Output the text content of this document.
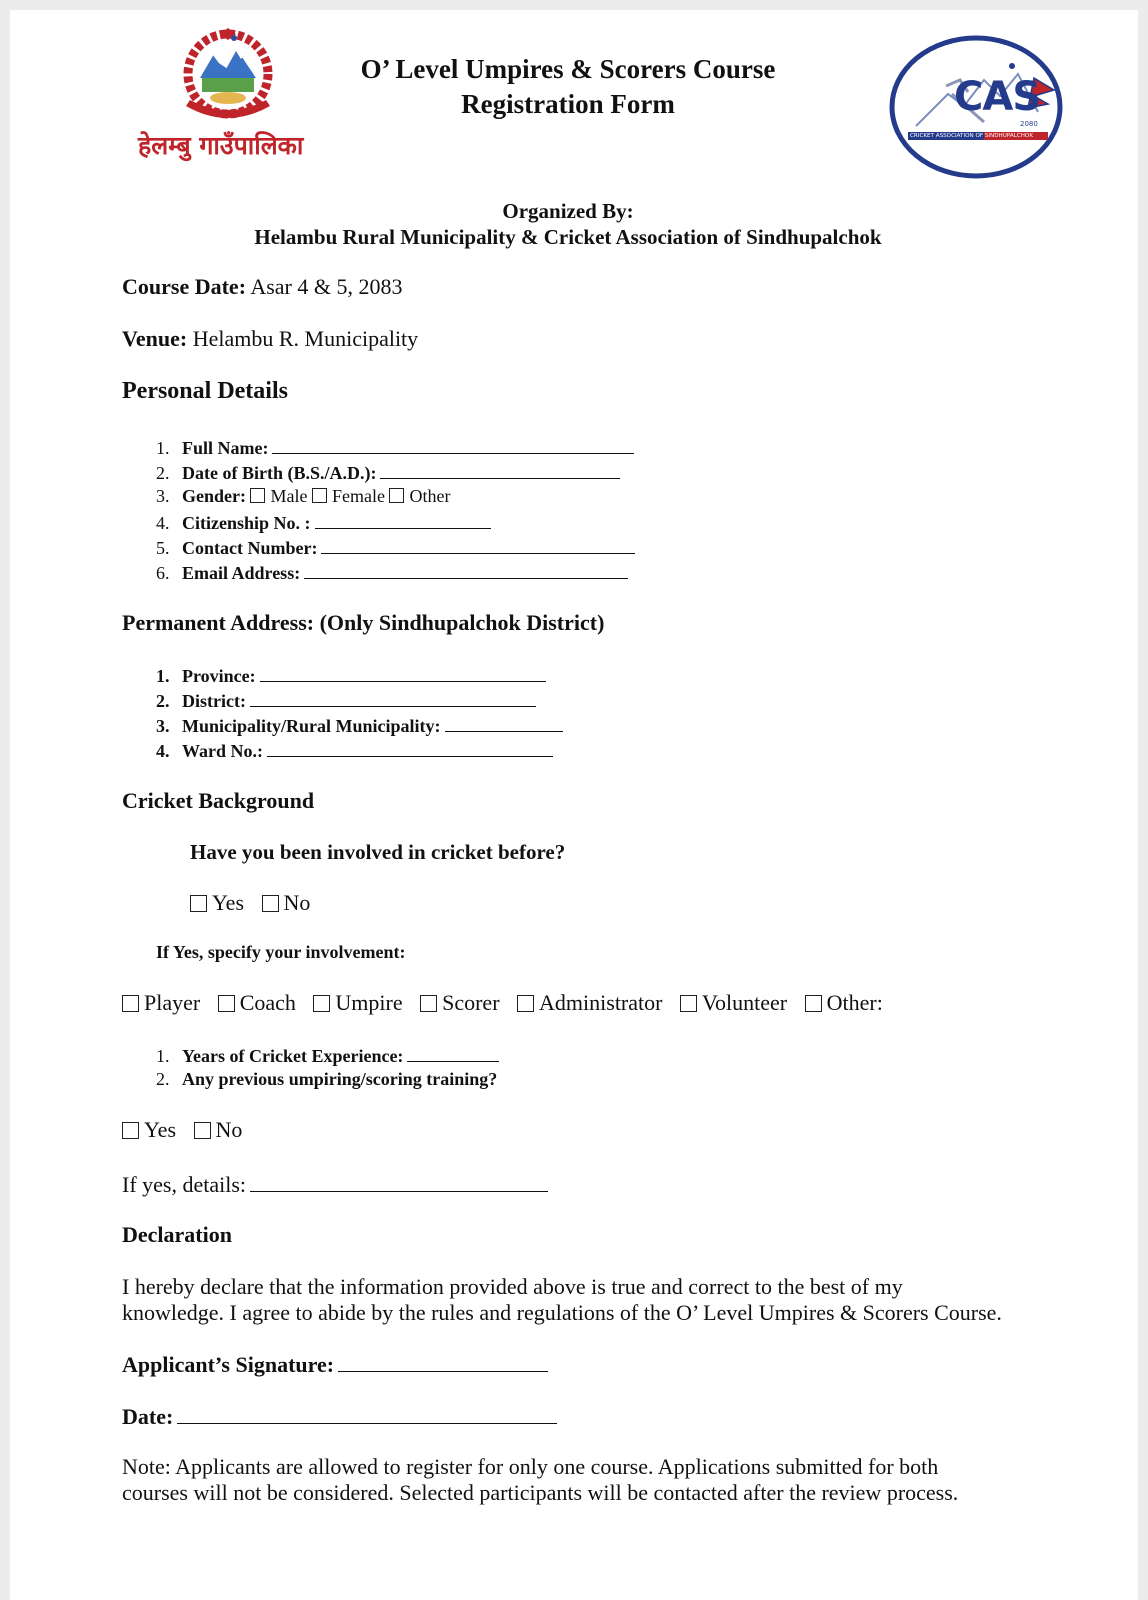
हेलम्बु गाउँपालिका
O’ Level Umpires & Scorers Course
Registration Form	CAS
2080
CRICKET ASSOCIATION OF SINDHUPALCHOK
Organized By:
Helambu Rural Municipality & Cricket Association of Sindhupalchok
Course Date: Asar 4 & 5, 2083
Venue: Helambu R. Municipality
Personal Details
1. Full Name:
2. Date of Birth (B.S./A.D.):
3. Gender: Male Female Other
4. Citizenship No. :
5. Contact Number:
6. Email Address:
Permanent Address: (Only Sindhupalchok District)
1. Province:
2. District:
3. Municipality/Rural Municipality:
4. Ward No.:
Cricket Background
Have you been involved in cricket before?
Yes No
If Yes, specify your involvement:
Player Coach Umpire Scorer Administrator Volunteer Other:
1. Years of Cricket Experience:
2. Any previous umpiring/scoring training?
Yes No
If yes, details:
Declaration
I hereby declare that the information provided above is true and correct to the best of my
knowledge. I agree to abide by the rules and regulations of the O’ Level Umpires & Scorers Course.
Applicant’s Signature:
Date:
Note: Applicants are allowed to register for only one course. Applications submitted for both
courses will not be considered. Selected participants will be contacted after the review process.
